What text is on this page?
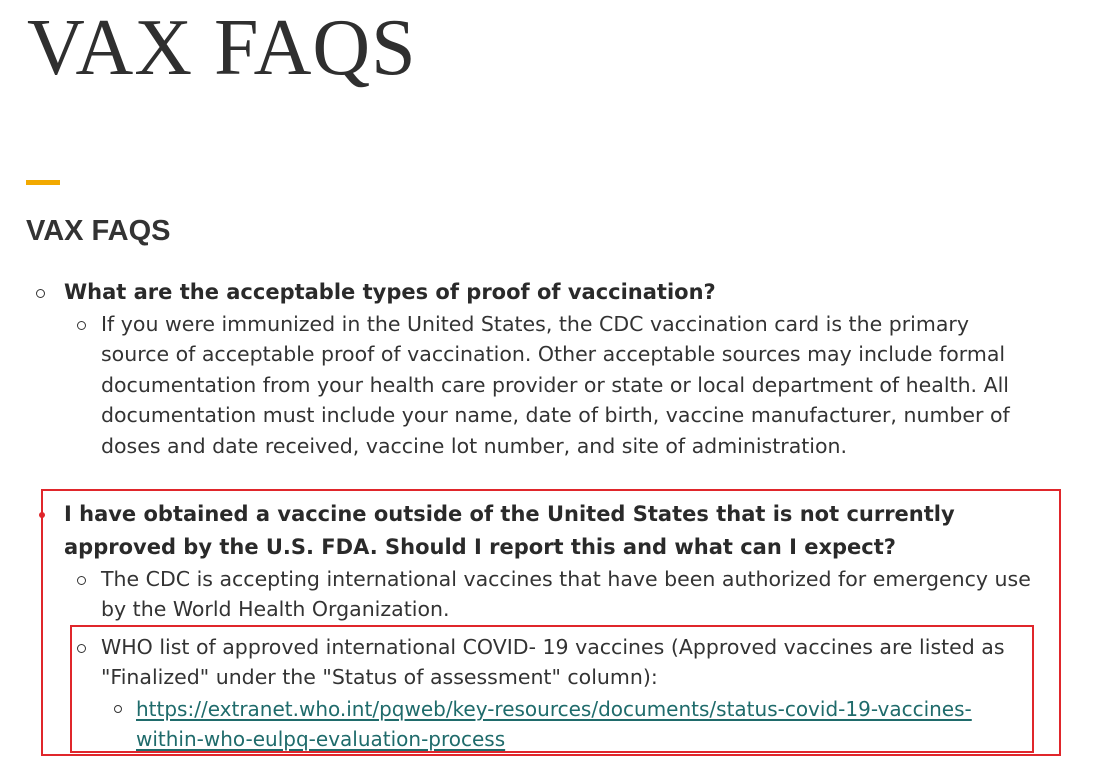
VAX FAQS
VAX FAQS

What are the acceptable types of proof of vaccination?

If you were immunized in the United States, the CDC vaccination card is the primary source of acceptable proof of vaccination. Other acceptable sources may include formal documentation from your health care provider or state or local department of health. All documentation must include your name, date of birth, vaccine manufacturer, number of doses and date received, vaccine lot number, and site of administration.

I have obtained a vaccine outside of the United States that is not currently

approved by the U.S. FDA. Should I report this and what can I expect?

The CDC is accepting international vaccines that have been authorized for emergency use by the World Health Organization.

WHO list of approved international COVID- 19 vaccines (Approved vaccines are listed as "Finalized" under the "Status of assessment" column):

https://extranet.who.int/pqweb/key-resources/documents/status-covid-19-vaccines-
within-who-eulpq-evaluation-process
